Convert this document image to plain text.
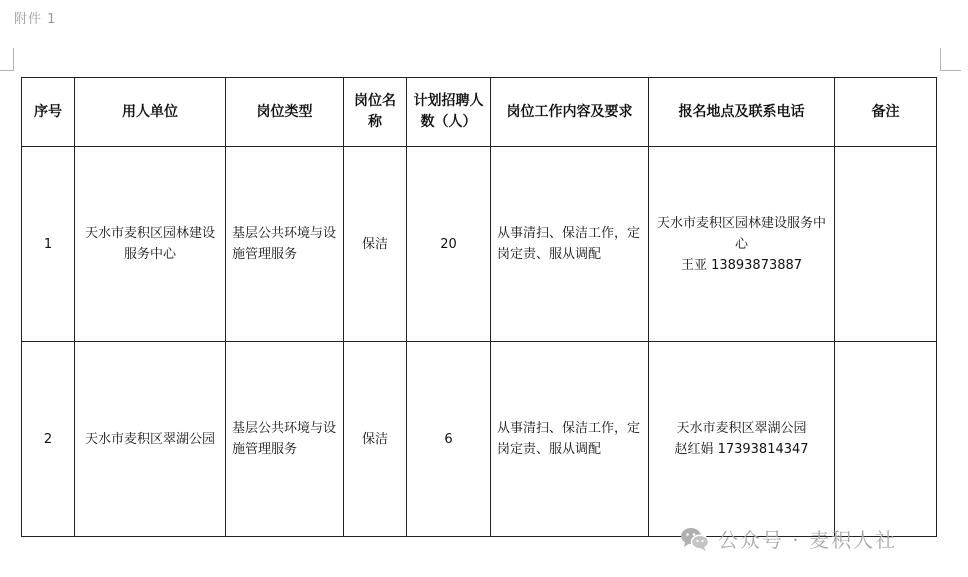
附件 1
序号	用人单位	岗位类型	岗位名称	计划招聘人数（人）	岗位工作内容及要求	报名地点及联系电话	备注
1	天水市麦积区园林建设服务中心	基层公共环境与设施管理服务	保洁	20	从事清扫、保洁工作，定岗定责、服从调配	天水市麦积区园林建设服务中心
王亚 13893873887	
2	天水市麦积区翠湖公园	基层公共环境与设施管理服务	保洁	6	从事清扫、保洁工作，定岗定责、服从调配	天水市麦积区翠湖公园
赵红娟 17393814347	
公众号 · 麦积人社
